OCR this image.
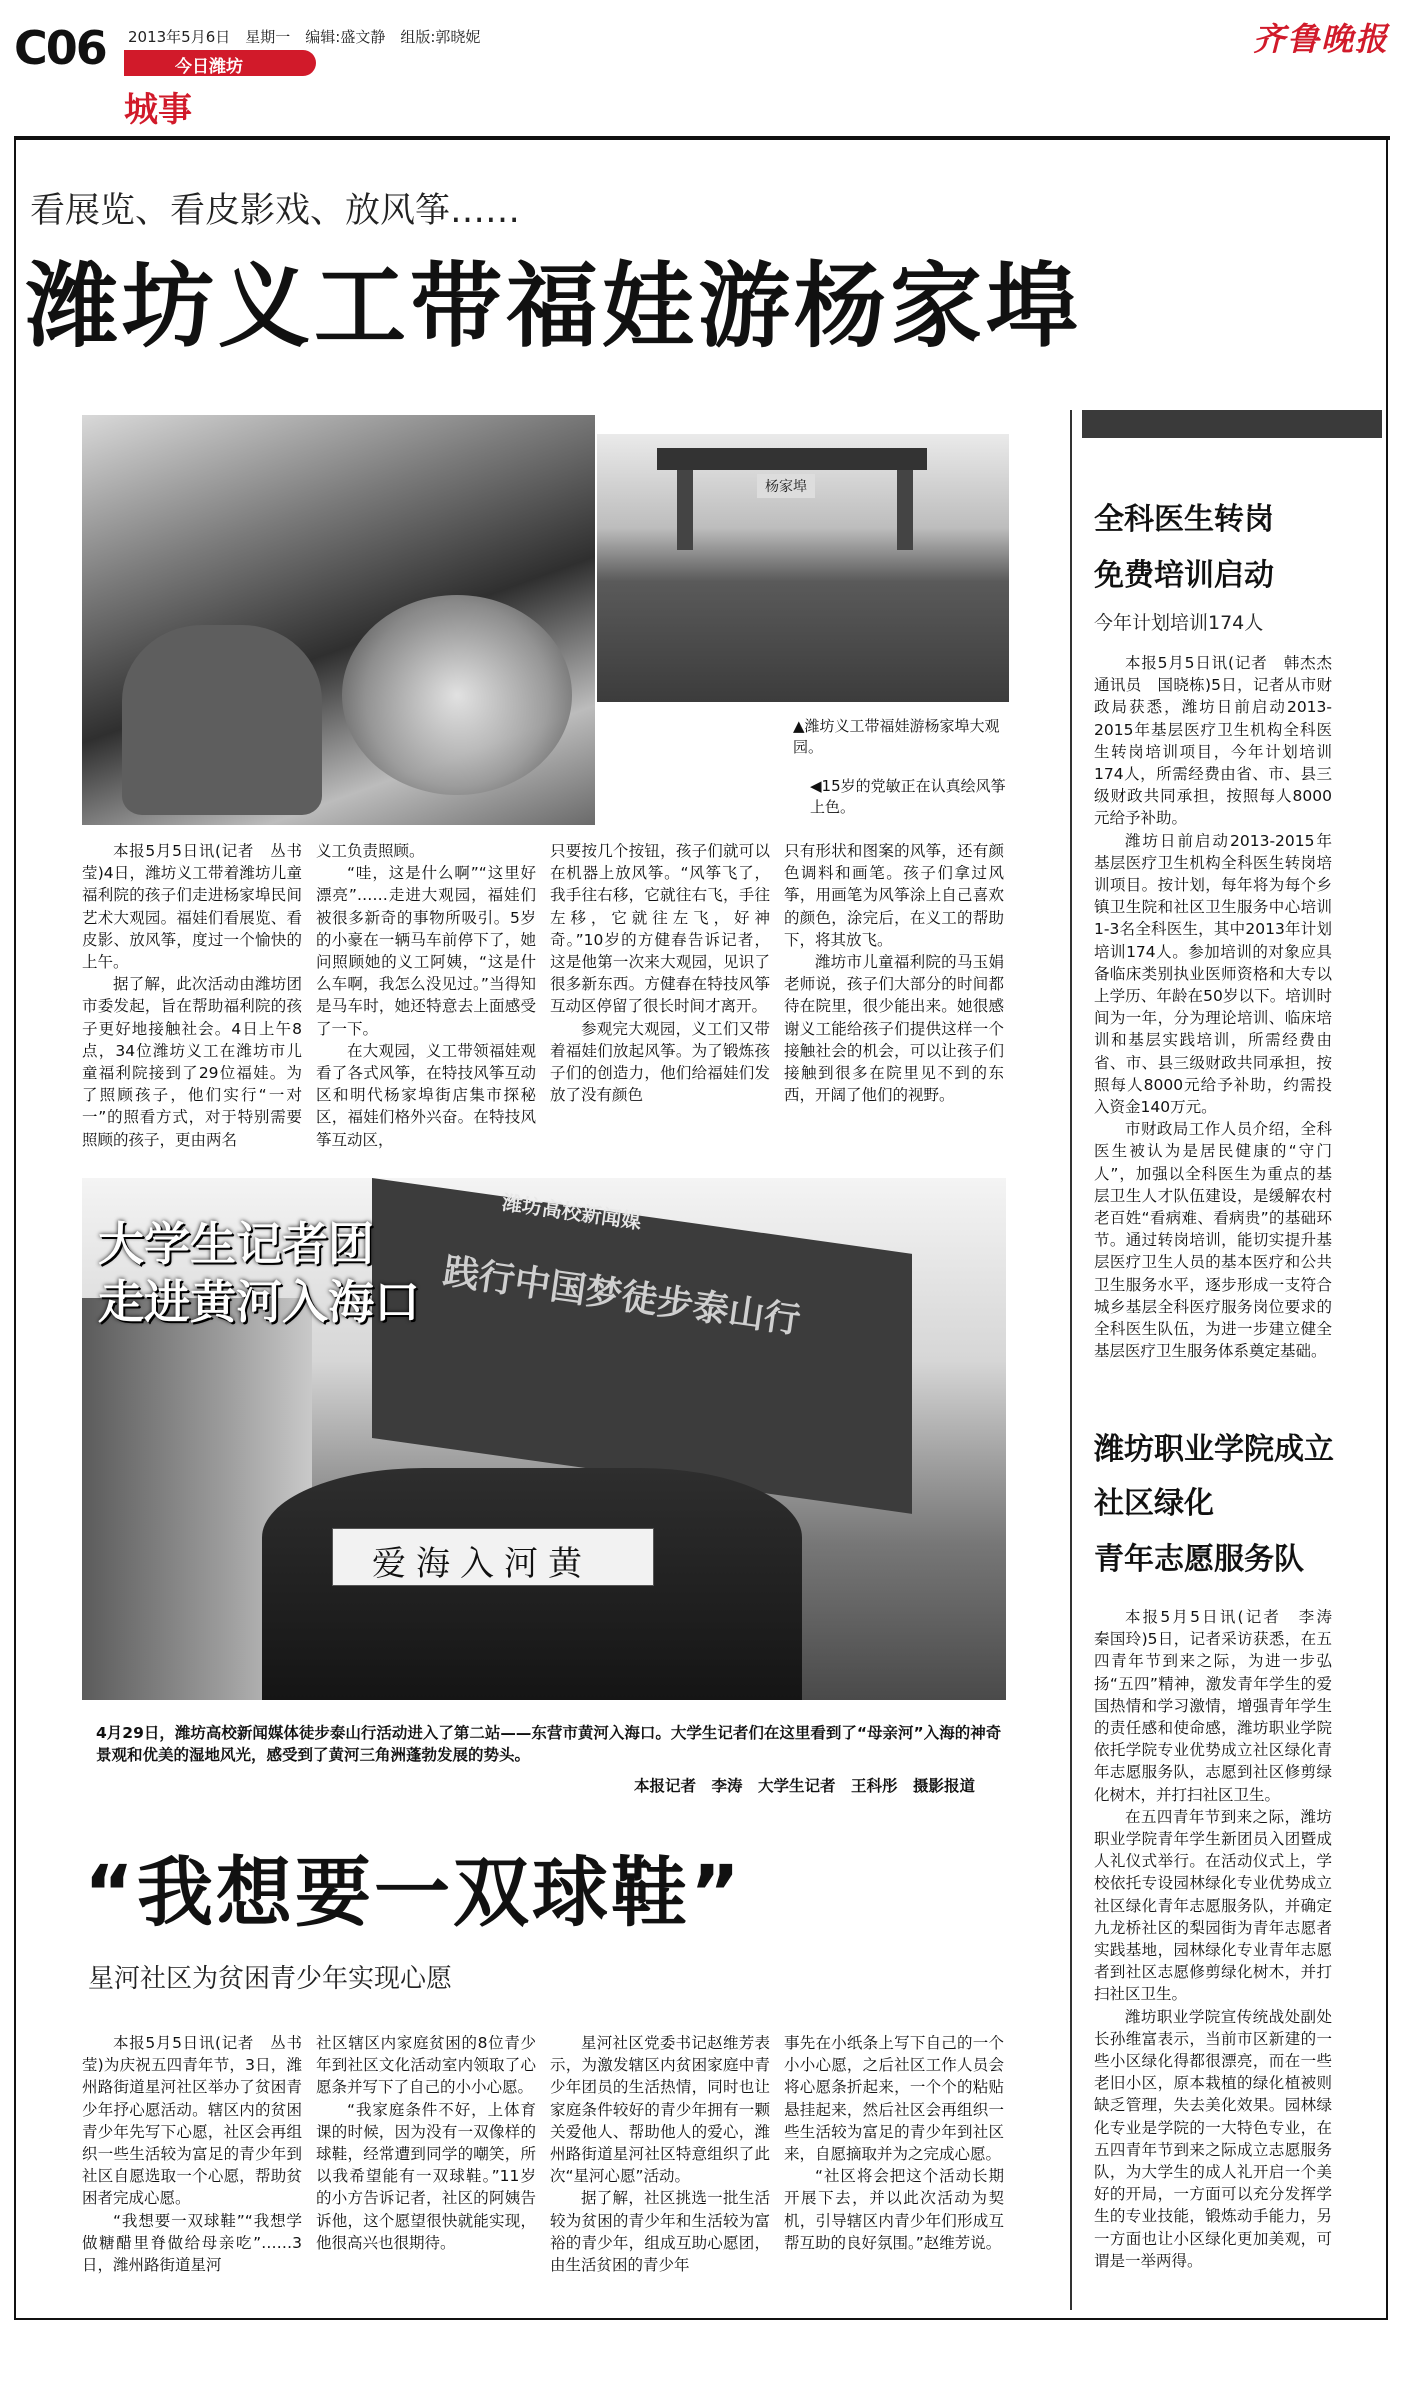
C06 2013年5月6日　星期一　编辑:盛文静　组版:郭晓妮
今日潍坊
城事
齐鲁晚报
看展览、看皮影戏、放风筝……
潍坊义工带福娃游杨家埠
杨家埠
▲潍坊义工带福娃游杨家埠大观园。
◀15岁的党敏正在认真绘风筝上色。

本报5月5日讯(记者　丛书莹)4日，潍坊义工带着潍坊儿童福利院的孩子们走进杨家埠民间艺术大观园。福娃们看展览、看皮影、放风筝，度过一个愉快的上午。

据了解，此次活动由潍坊团市委发起，旨在帮助福利院的孩子更好地接触社会。4日上午8点，34位潍坊义工在潍坊市儿童福利院接到了29位福娃。为了照顾孩子，他们实行“一对一”的照看方式，对于特别需要照顾的孩子，更由两名

义工负责照顾。

“哇，这是什么啊”“这里好漂亮”……走进大观园，福娃们被很多新奇的事物所吸引。5岁的小豪在一辆马车前停下了，她问照顾她的义工阿姨，“这是什么车啊，我怎么没见过。”当得知是马车时，她还特意去上面感受了一下。

在大观园，义工带领福娃观看了各式风筝，在特技风筝互动区和明代杨家埠街店集市探秘区，福娃们格外兴奋。在特技风筝互动区，

只要按几个按钮，孩子们就可以在机器上放风筝。“风筝飞了，我手往右移，它就往右飞，手往左移，它就往左飞，好神奇。”10岁的方健春告诉记者，这是他第一次来大观园，见识了很多新东西。方健春在特技风筝互动区停留了很长时间才离开。

参观完大观园，义工们又带着福娃们放起风筝。为了锻炼孩子们的创造力，他们给福娃们发放了没有颜色

只有形状和图案的风筝，还有颜色调料和画笔。孩子们拿过风筝，用画笔为风筝涂上自己喜欢的颜色，涂完后，在义工的帮助下，将其放飞。

潍坊市儿童福利院的马玉娟老师说，孩子们大部分的时间都待在院里，很少能出来。她很感谢义工能给孩子们提供这样一个接触社会的机会，可以让孩子们接触到很多在院里见不到的东西，开阔了他们的视野。

潍坊高校新闻媒
践行中国梦徒步泰山行
爱海入河黄
大学生记者团
走进黄河入海口
4月29日，潍坊高校新闻媒体徒步泰山行活动进入了第二站——东营市黄河入海口。大学生记者们在这里看到了“母亲河”入海的神奇景观和优美的湿地风光，感受到了黄河三角洲蓬勃发展的势头。
本报记者　李涛　大学生记者　王科彤　摄影报道
“我想要一双球鞋”
星河社区为贫困青少年实现心愿

本报5月5日讯(记者　丛书莹)为庆祝五四青年节，3日，潍州路街道星河社区举办了贫困青少年抒心愿活动。辖区内的贫困青少年先写下心愿，社区会再组织一些生活较为富足的青少年到社区自愿选取一个心愿，帮助贫困者完成心愿。

“我想要一双球鞋”“我想学做糖醋里脊做给母亲吃”……3日，潍州路街道星河

社区辖区内家庭贫困的8位青少年到社区文化活动室内领取了心愿条并写下了自己的小小心愿。

“我家庭条件不好，上体育课的时候，因为没有一双像样的球鞋，经常遭到同学的嘲笑，所以我希望能有一双球鞋。”11岁的小方告诉记者，社区的阿姨告诉他，这个愿望很快就能实现，他很高兴也很期待。

星河社区党委书记赵维芳表示，为激发辖区内贫困家庭中青少年团员的生活热情，同时也让家庭条件较好的青少年拥有一颗关爱他人、帮助他人的爱心，潍州路街道星河社区特意组织了此次“星河心愿”活动。

据了解，社区挑选一批生活较为贫困的青少年和生活较为富裕的青少年，组成互助心愿团，由生活贫困的青少年

事先在小纸条上写下自己的一个小小心愿，之后社区工作人员会将心愿条折起来，一个个的粘贴悬挂起来，然后社区会再组织一些生活较为富足的青少年到社区来，自愿摘取并为之完成心愿。

“社区将会把这个活动长期开展下去，并以此次活动为契机，引导辖区内青少年们形成互帮互助的良好氛围。”赵维芳说。

全科医生转岗
免费培训启动
今年计划培训174人

本报5月5日讯(记者　韩杰杰　通讯员　国晓栋)5日，记者从市财政局获悉，潍坊日前启动2013-2015年基层医疗卫生机构全科医生转岗培训项目，今年计划培训174人，所需经费由省、市、县三级财政共同承担，按照每人8000元给予补助。

潍坊日前启动2013-2015年基层医疗卫生机构全科医生转岗培训项目。按计划，每年将为每个乡镇卫生院和社区卫生服务中心培训1-3名全科医生，其中2013年计划培训174人。参加培训的对象应具备临床类别执业医师资格和大专以上学历、年龄在50岁以下。培训时间为一年，分为理论培训、临床培训和基层实践培训，所需经费由省、市、县三级财政共同承担，按照每人8000元给予补助，约需投入资金140万元。

市财政局工作人员介绍，全科医生被认为是居民健康的“守门人”，加强以全科医生为重点的基层卫生人才队伍建设，是缓解农村老百姓“看病难、看病贵”的基础环节。通过转岗培训，能切实提升基层医疗卫生人员的基本医疗和公共卫生服务水平，逐步形成一支符合城乡基层全科医疗服务岗位要求的全科医生队伍，为进一步建立健全基层医疗卫生服务体系奠定基础。

潍坊职业学院成立
社区绿化
青年志愿服务队

本报5月5日讯(记者　李涛　秦国玲)5日，记者采访获悉，在五四青年节到来之际，为进一步弘扬“五四”精神，激发青年学生的爱国热情和学习激情，增强青年学生的责任感和使命感，潍坊职业学院依托学院专业优势成立社区绿化青年志愿服务队，志愿到社区修剪绿化树木，并打扫社区卫生。

在五四青年节到来之际，潍坊职业学院青年学生新团员入团暨成人礼仪式举行。在活动仪式上，学校依托专设园林绿化专业优势成立社区绿化青年志愿服务队，并确定九龙桥社区的梨园街为青年志愿者实践基地，园林绿化专业青年志愿者到社区志愿修剪绿化树木，并打扫社区卫生。

潍坊职业学院宣传统战处副处长孙维富表示，当前市区新建的一些小区绿化得都很漂亮，而在一些老旧小区，原本栽植的绿化植被则缺乏管理，失去美化效果。园林绿化专业是学院的一大特色专业，在五四青年节到来之际成立志愿服务队，为大学生的成人礼开启一个美好的开局，一方面可以充分发挥学生的专业技能，锻炼动手能力，另一方面也让小区绿化更加美观，可谓是一举两得。
